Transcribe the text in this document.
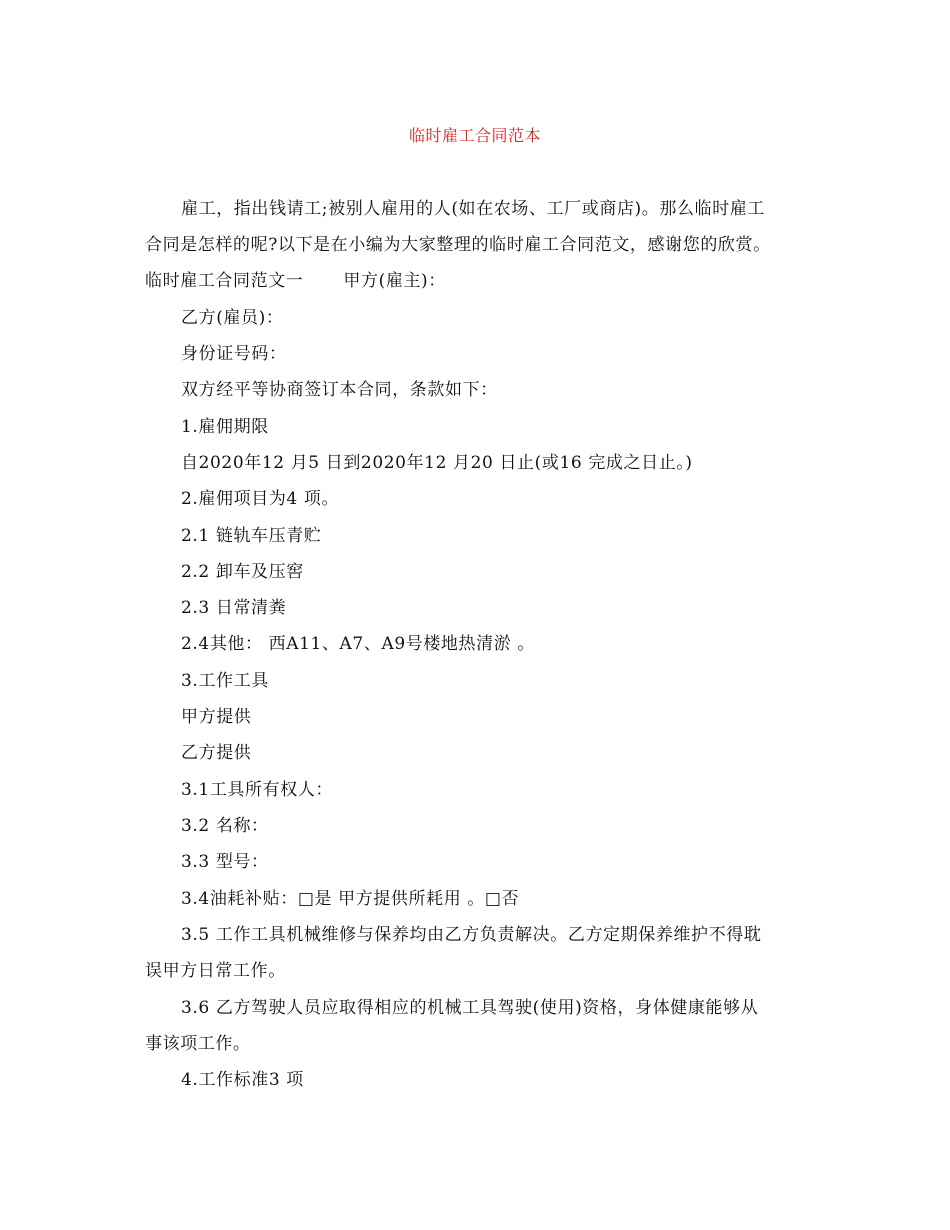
临时雇工合同范本
雇工，指出钱请工;被别人雇用的人(如在农场、工厂或商店)。那么临时雇工
合同是怎样的呢?以下是在小编为大家整理的临时雇工合同范文，感谢您的欣赏。
临时雇工合同范文一 甲方(雇主)：
乙方(雇员)：
身份证号码：
双方经平等协商签订本合同，条款如下：
1.雇佣期限
自2020年12 月5 日到2020年12 月20 日止(或16 完成之日止。)
2.雇佣项目为4 项。
2.1 链轨车压青贮
2.2 卸车及压窖
2.3 日常清粪
2.4其他： 西A11、A7、A9号楼地热清淤 。
3.工作工具
甲方提供
乙方提供
3.1工具所有权人：
3.2 名称：
3.3 型号：
3.4油耗补贴：□是 甲方提供所耗用 。□否
3.5 工作工具机械维修与保养均由乙方负责解决。乙方定期保养维护不得耽
误甲方日常工作。
3.6 乙方驾驶人员应取得相应的机械工具驾驶(使用)资格，身体健康能够从
事该项工作。
4.工作标准3 项
